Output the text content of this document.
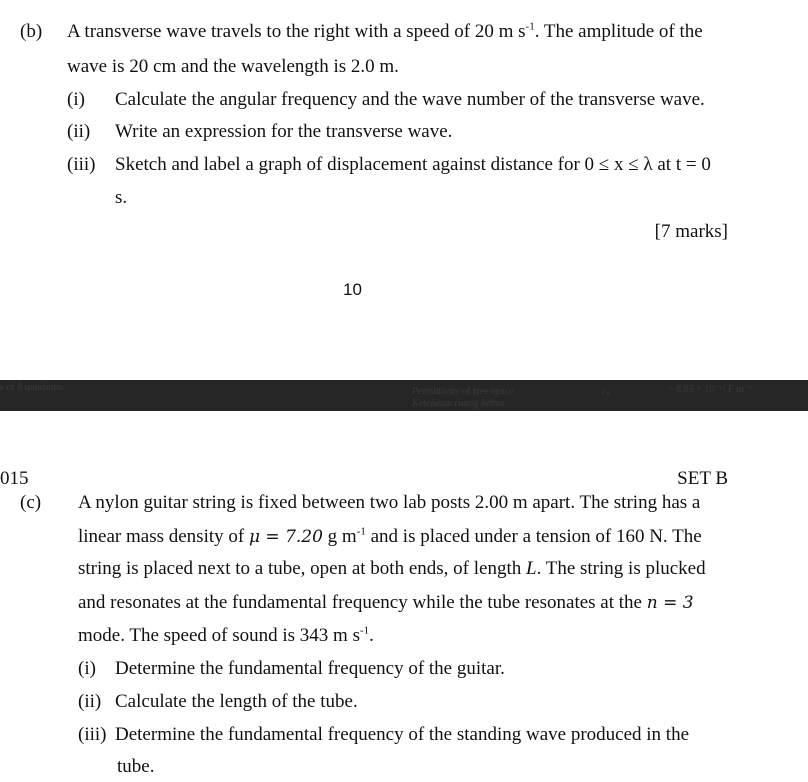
(b) A transverse wave travels to the right with a speed of 20 m $s^{-1}$. The amplitude of the
wave is 20 cm and the wavelength is 2.0 m.
(i) Calculate the angular frequency and the wave number of the transverse wave.
(ii) Write an expression for the transverse wave.
(iii) Sketch and label a graph of displacement against distance for 0 ≤ x ≤ λ at t = 0
s.
[7 marks]
10
s of 8 questions.	Permittivity of free space
Ketelusan ruang bebas
ε₀	= 8.85 × 10⁻¹² F m⁻¹
015	SET B
(c) A nylon guitar string is fixed between two lab posts 2.00 m apart. The string has a
linear mass density of μ = 7.20 g $m^{-1}$ and is placed under a tension of 160 N. The
string is placed next to a tube, open at both ends, of length L. The string is plucked
and resonates at the fundamental frequency while the tube resonates at the n = 3
mode. The speed of sound is 343 m $s^{-1}$.
(i) Determine the fundamental frequency of the guitar.
(ii) Calculate the length of the tube.
(iii) Determine the fundamental frequency of the standing wave produced in the
tube.
